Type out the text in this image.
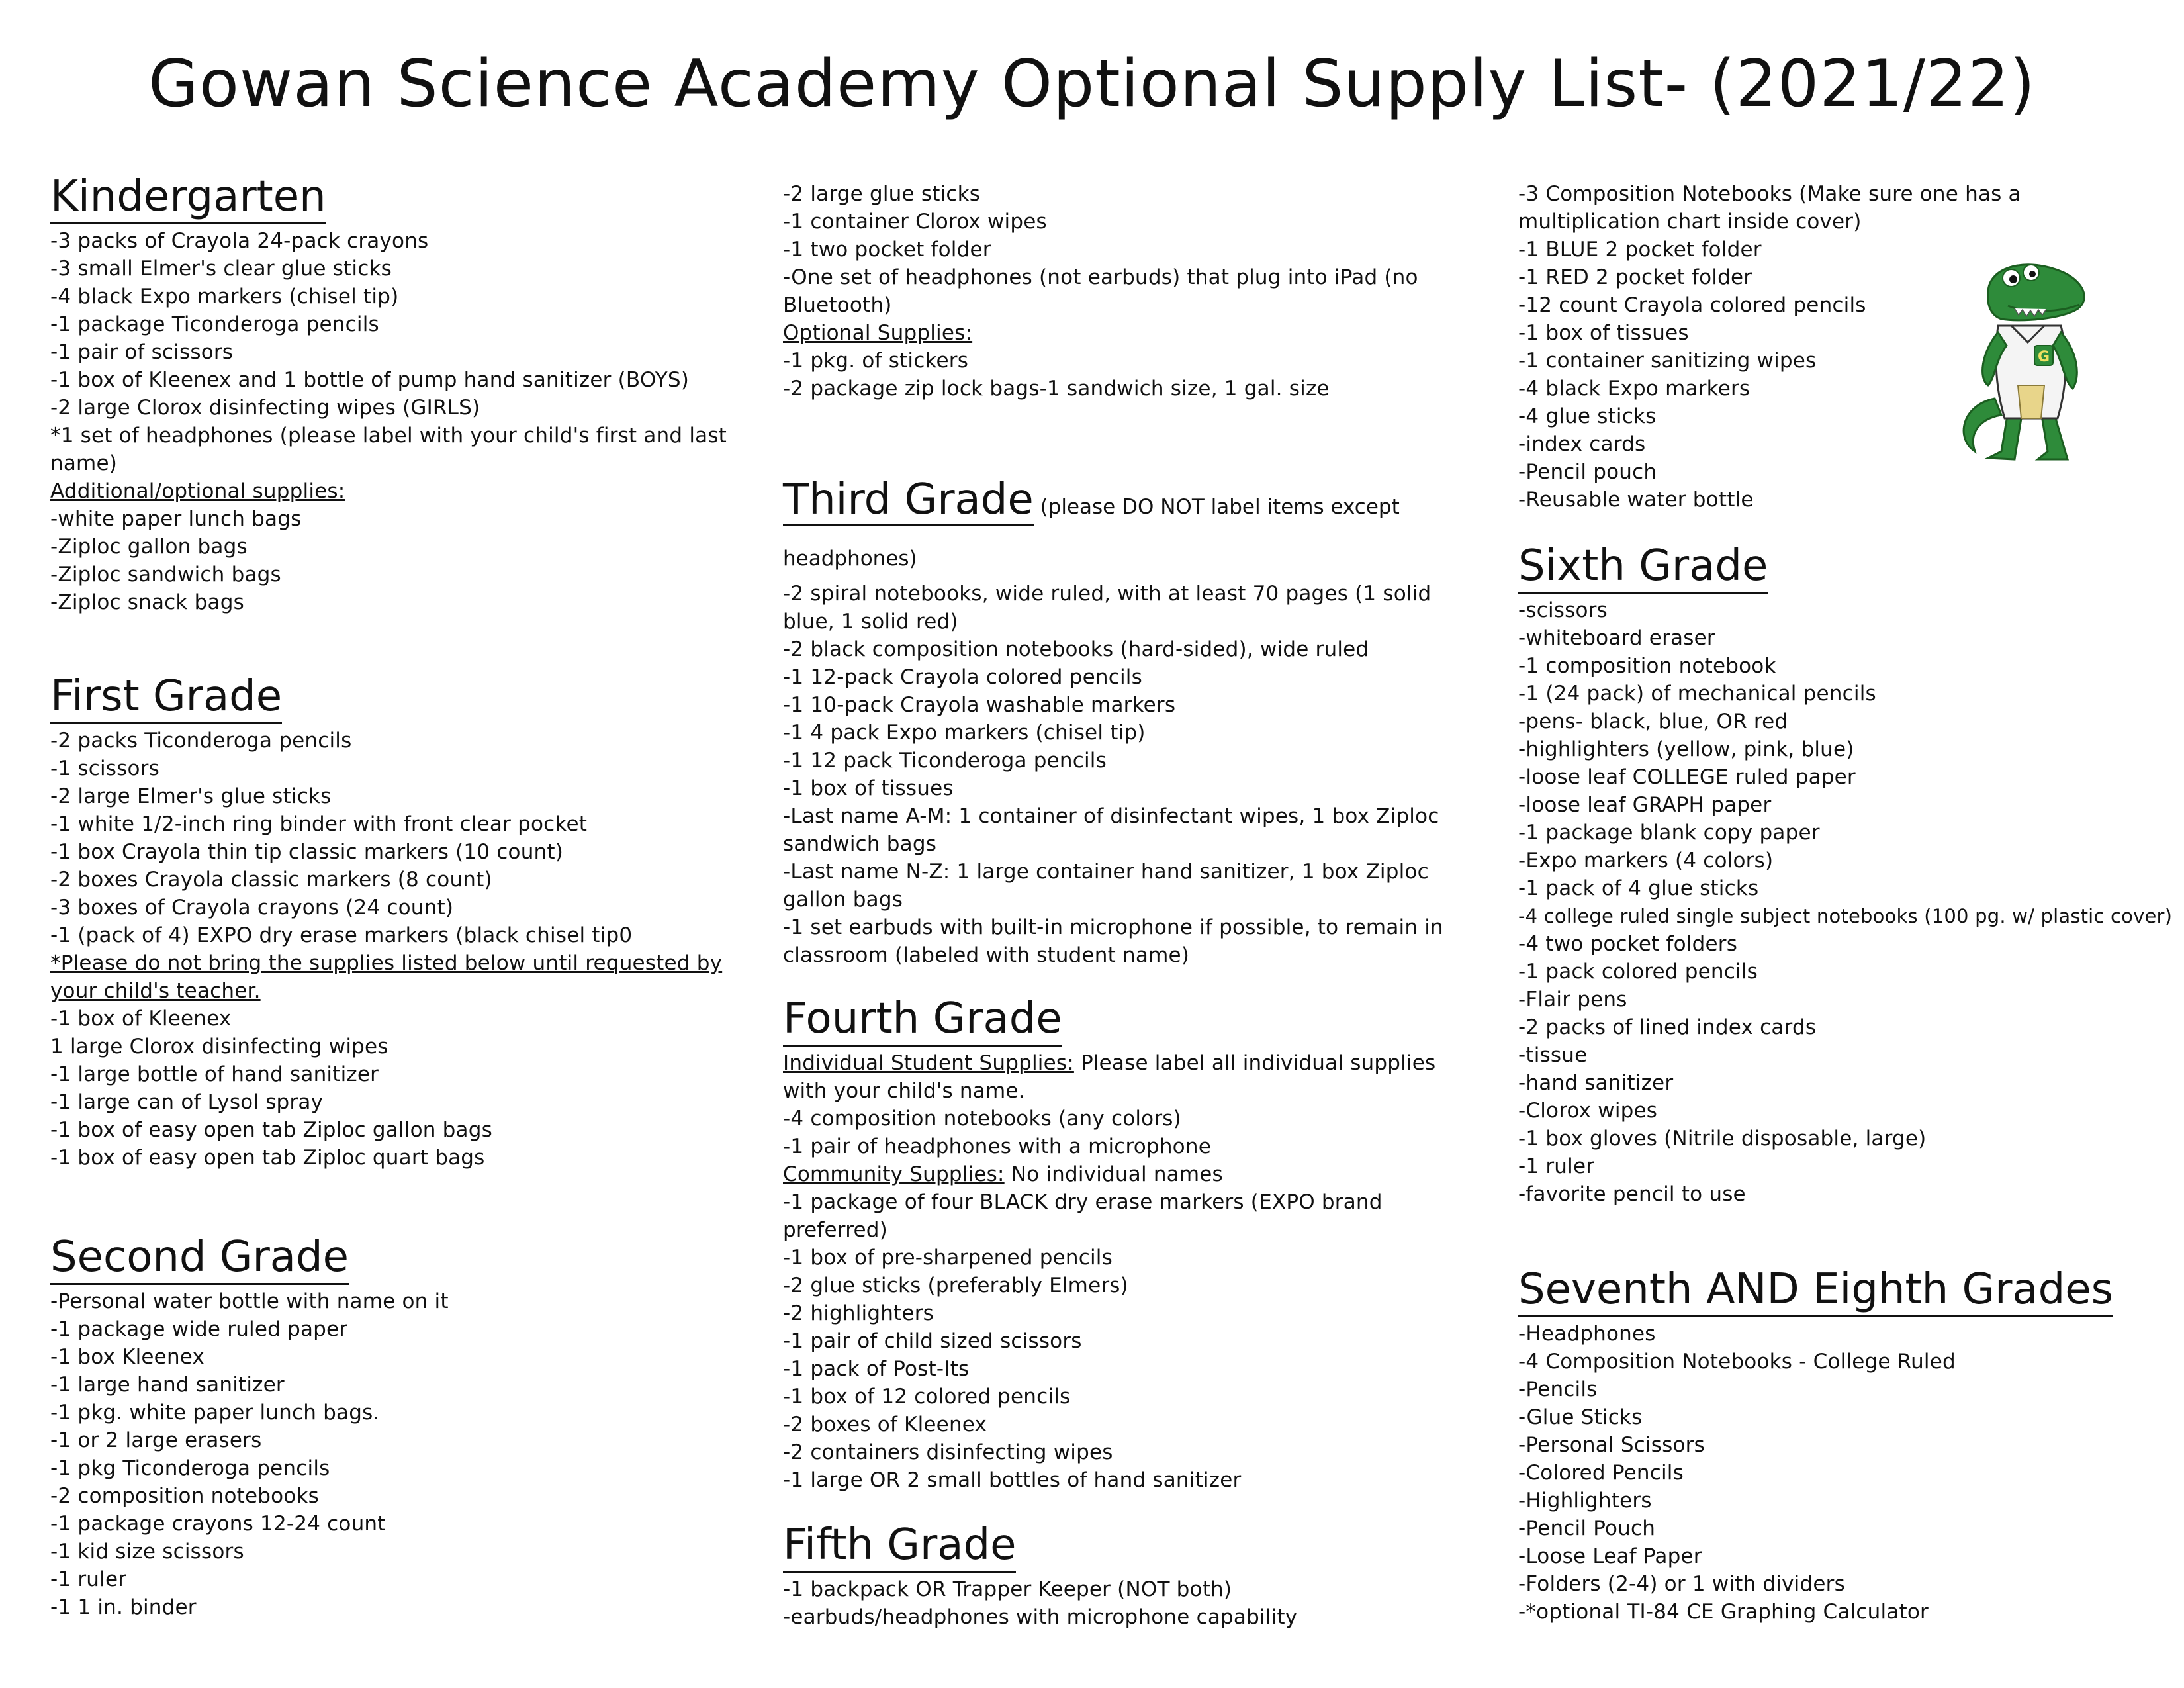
Gowan Science Academy Optional Supply List- (2021/22)
Kindergarten

-3 packs of Crayola 24-pack crayons

-3 small Elmer's clear glue sticks

-4 black Expo markers (chisel tip)

-1 package Ticonderoga pencils

-1 pair of scissors

-1 box of Kleenex and 1 bottle of pump hand sanitizer (BOYS)

-2 large Clorox disinfecting wipes (GIRLS)

*1 set of headphones (please label with your child's first and last name)

Additional/optional supplies:

-white paper lunch bags

-Ziploc gallon bags

-Ziploc sandwich bags

-Ziploc snack bags

First Grade

-2 packs Ticonderoga pencils

-1 scissors

-2 large Elmer's glue sticks

-1 white 1/2-inch ring binder with front clear pocket

-1 box Crayola thin tip classic markers (10 count)

-2 boxes Crayola classic markers (8 count)

-3 boxes of Crayola crayons (24 count)

-1 (pack of 4) EXPO dry erase markers (black chisel tip0

*Please do not bring the supplies listed below until requested by your child's teacher.

-1 box of Kleenex

1 large Clorox disinfecting wipes

-1 large bottle of hand sanitizer

-1 large can of Lysol spray

-1 box of easy open tab Ziploc gallon bags

-1 box of easy open tab Ziploc quart bags

Second Grade

-Personal water bottle with name on it

-1 package wide ruled paper

-1 box Kleenex

-1 large hand sanitizer

-1 pkg. white paper lunch bags.

-1 or 2 large erasers

-1 pkg Ticonderoga pencils

-2 composition notebooks

-1 package crayons 12-24 count

-1 kid size scissors

-1 ruler

-1 1 in. binder

-2 large glue sticks

-1 container Clorox wipes

-1 two pocket folder

-One set of headphones (not earbuds) that plug into iPad (no Bluetooth)

Optional Supplies:

-1 pkg. of stickers

-2 package zip lock bags-1 sandwich size, 1 gal. size

Third Grade (please DO NOT label items except headphones)

-2 spiral notebooks, wide ruled, with at least 70 pages (1 solid blue, 1 solid red)

-2 black composition notebooks (hard-sided), wide ruled

-1 12-pack Crayola colored pencils

-1 10-pack Crayola washable markers

-1 4 pack Expo markers (chisel tip)

-1 12 pack Ticonderoga pencils

-1 box of tissues

-Last name A-M: 1 container of disinfectant wipes, 1 box Ziploc sandwich bags

-Last name N-Z: 1 large container hand sanitizer, 1 box Ziploc gallon bags

-1 set earbuds with built-in microphone if possible, to remain in classroom (labeled with student name)

Fourth Grade

Individual Student Supplies: Please label all individual supplies with your child's name.

-4 composition notebooks (any colors)

-1 pair of headphones with a microphone

Community Supplies: No individual names

-1 package of four BLACK dry erase markers (EXPO brand preferred)

-1 box of pre-sharpened pencils

-2 glue sticks (preferably Elmers)

-2 highlighters

-1 pair of child sized scissors

-1 pack of Post-Its

-1 box of 12 colored pencils

-2 boxes of Kleenex

-2 containers disinfecting wipes

-1 large OR 2 small bottles of hand sanitizer

Fifth Grade

-1 backpack OR Trapper Keeper (NOT both)

-earbuds/headphones with microphone capability

-3 Composition Notebooks (Make sure one has a multiplication chart inside cover)

-1 BLUE 2 pocket folder

-1 RED 2 pocket folder

-12 count Crayola colored pencils

-1 box of tissues

-1 container sanitizing wipes

-4 black Expo markers

-4 glue sticks

-index cards

-Pencil pouch

-Reusable water bottle

Sixth Grade

-scissors

-whiteboard eraser

-1 composition notebook

-1 (24 pack) of mechanical pencils

-pens- black, blue, OR red

-highlighters (yellow, pink, blue)

-loose leaf COLLEGE ruled paper

-loose leaf GRAPH paper

-1 package blank copy paper

-Expo markers (4 colors)

-1 pack of 4 glue sticks

-4 college ruled single subject notebooks (100 pg. w/ plastic cover)

-4 two pocket folders

-1 pack colored pencils

-Flair pens

-2 packs of lined index cards

-tissue

-hand sanitizer

-Clorox wipes

-1 box gloves (Nitrile disposable, large)

-1 ruler

-favorite pencil to use

Seventh AND Eighth Grades

-Headphones

-4 Composition Notebooks - College Ruled

-Pencils

-Glue Sticks

-Personal Scissors

-Colored Pencils

-Highlighters

-Pencil Pouch

-Loose Leaf Paper

-Folders (2-4) or 1 with dividers

-*optional TI-84 CE Graphing Calculator

G
